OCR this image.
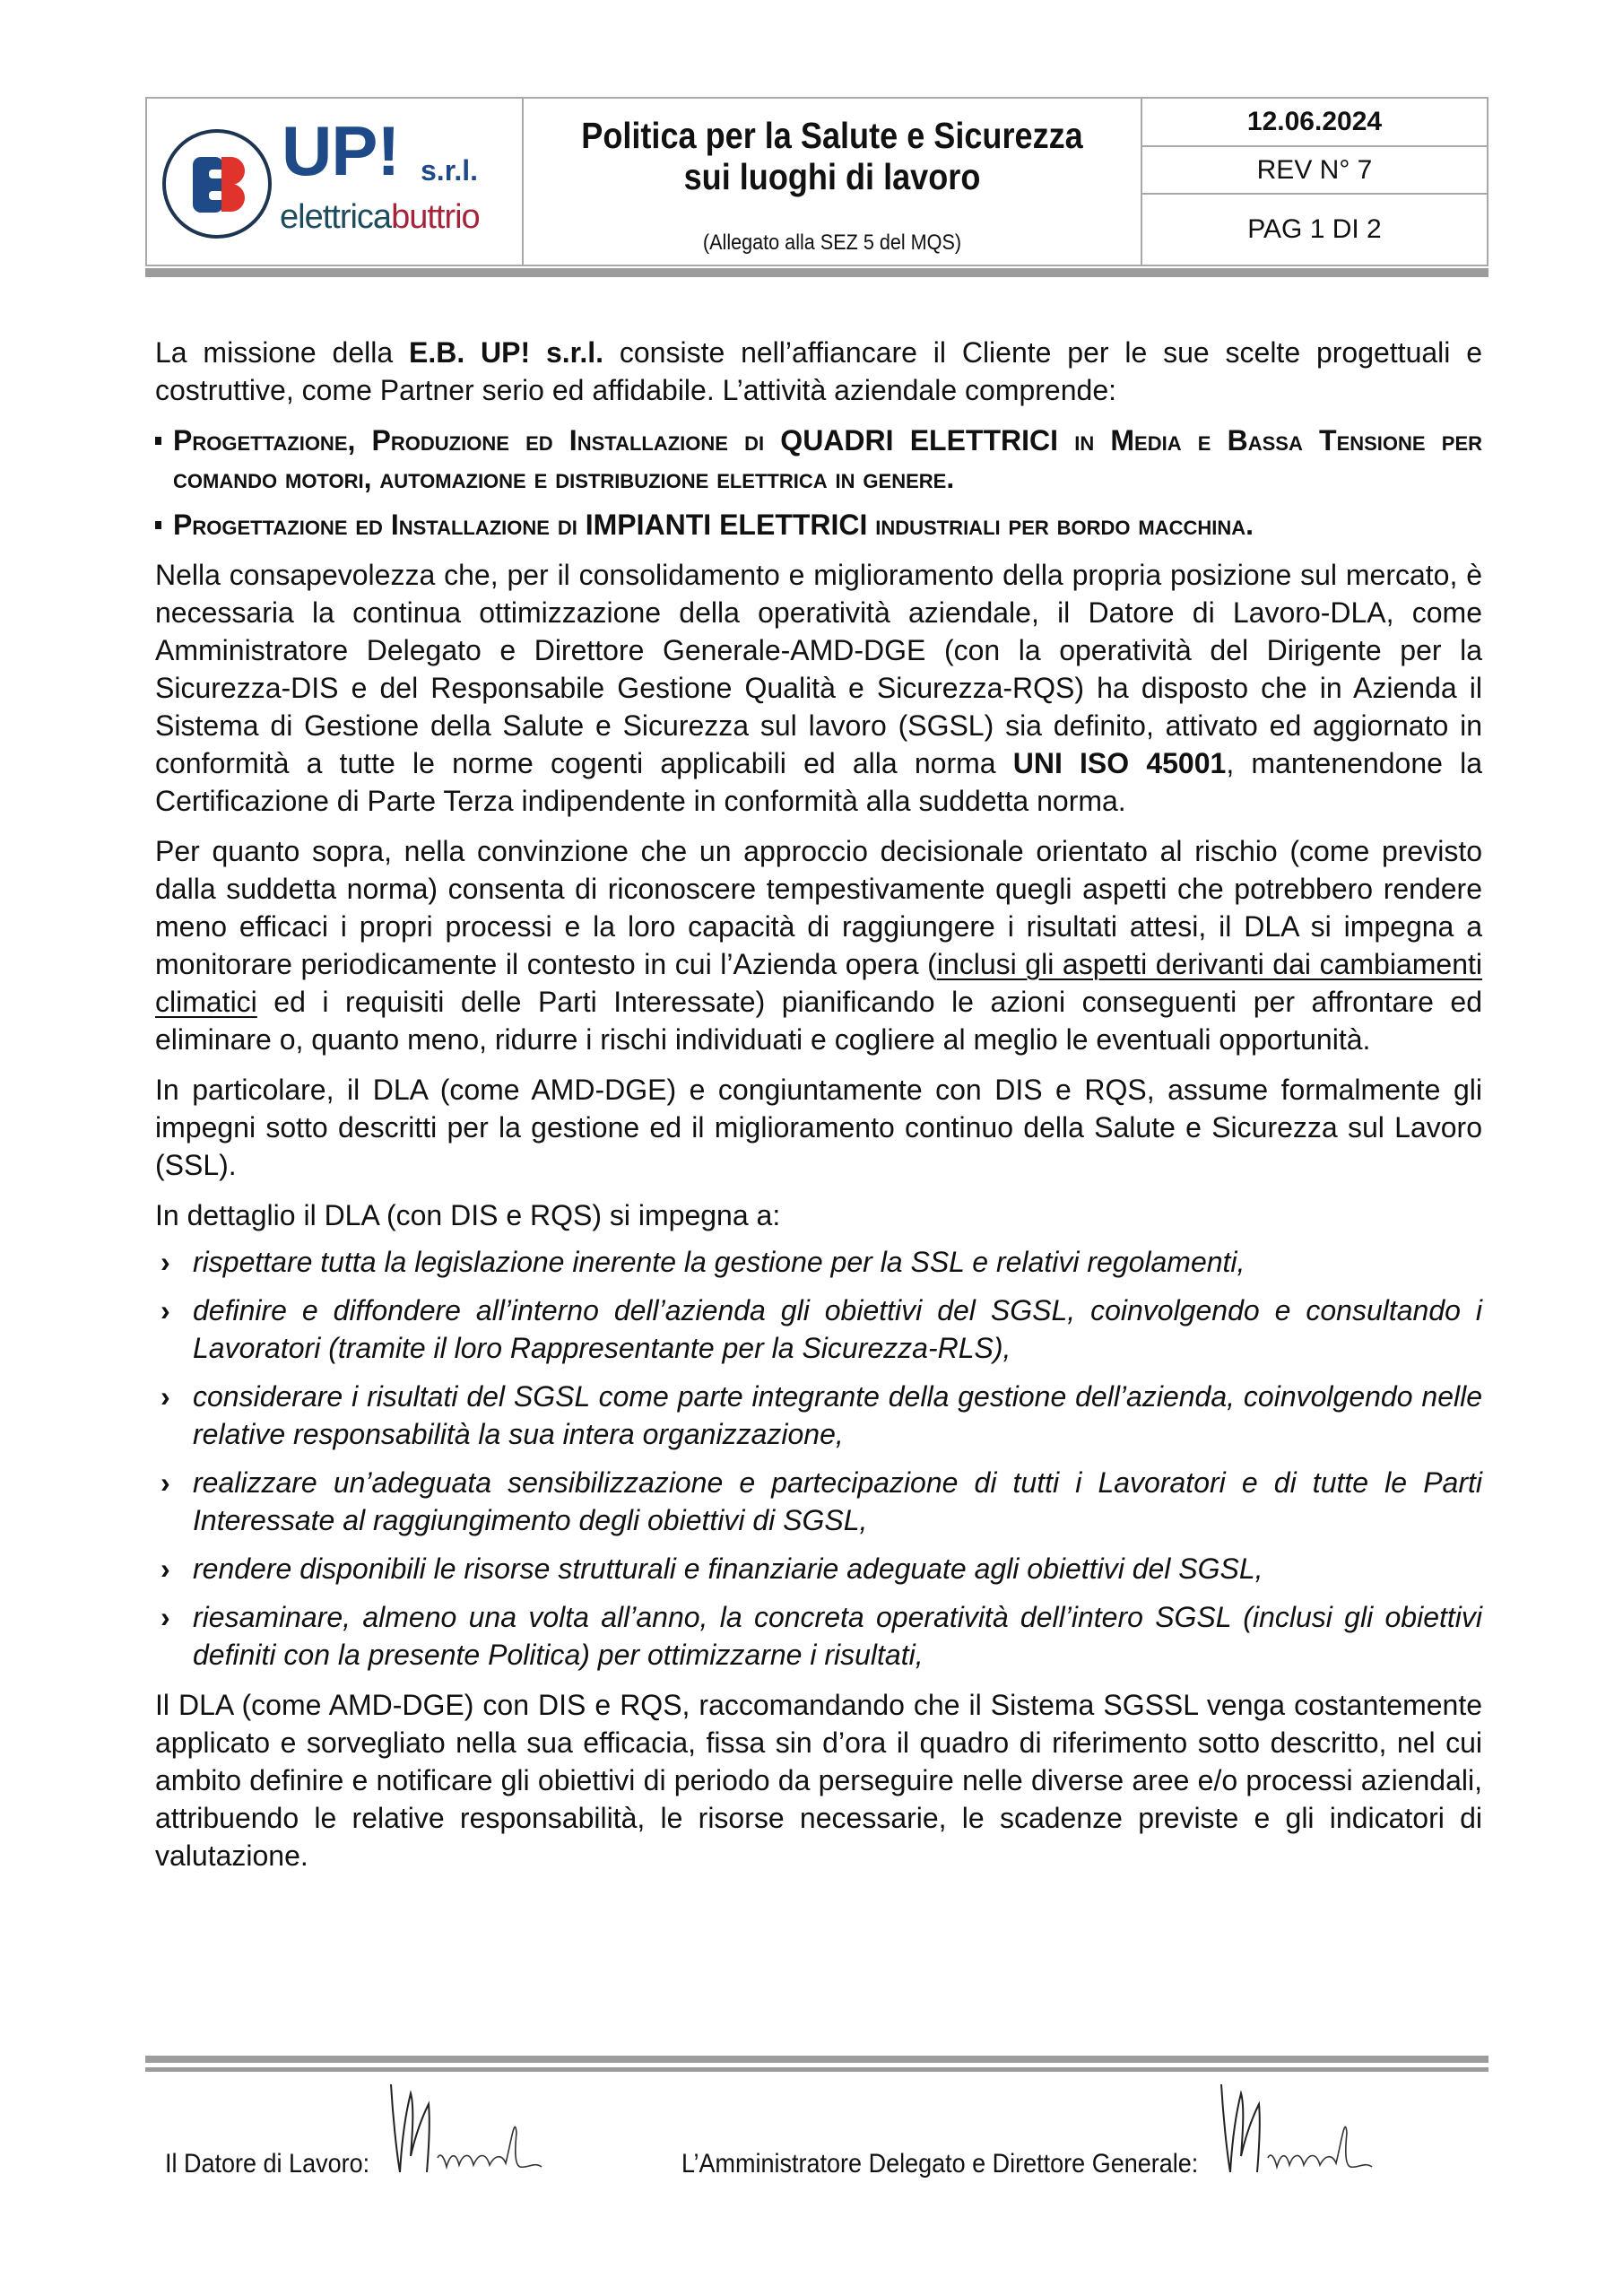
UP! s.r.l.
elettricabuttrio
Politica per la Salute e Sicurezza
sui luoghi di lavoro
(Allegato alla SEZ 5 del MQS)
12.06.2024
REV N° 7
PAG 1 DI 2

La missione della E.B. UP! s.r.l. consiste nell’affiancare il Cliente per le sue scelte progettuali e costruttive, come Partner serio ed affidabile. L’attività aziendale comprende:

Progettazione, Produzione ed Installazione di QUADRI ELETTRICI in Media e Bassa Tensione per comando motori, automazione e distribuzione elettrica in genere.
Progettazione ed Installazione di IMPIANTI ELETTRICI industriali per bordo macchina.

Nella consapevolezza che, per il consolidamento e miglioramento della propria posizione sul mercato, è necessaria la continua ottimizzazione della operatività aziendale, il Datore di Lavoro-DLA, come Amministratore Delegato e Direttore Generale-AMD-DGE (con la operatività del Dirigente per la Sicurezza-DIS e del Responsabile Gestione Qualità e Sicurezza-RQS) ha disposto che in Azienda il Sistema di Gestione della Salute e Sicurezza sul lavoro (SGSL) sia definito, attivato ed aggiornato in conformità a tutte le norme cogenti applicabili ed alla norma UNI ISO 45001, mantenendone la Certificazione di Parte Terza indipendente in conformità alla suddetta norma.

Per quanto sopra, nella convinzione che un approccio decisionale orientato al rischio (come previsto dalla suddetta norma) consenta di riconoscere tempestivamente quegli aspetti che potrebbero rendere meno efficaci i propri processi e la loro capacità di raggiungere i risultati attesi, il DLA si impegna a monitorare periodicamente il contesto in cui l’Azienda opera (inclusi gli aspetti derivanti dai cambiamenti climatici ed i requisiti delle Parti Interessate) pianificando le azioni conseguenti per affrontare ed eliminare o, quanto meno, ridurre i rischi individuati e cogliere al meglio le eventuali opportunità.

In particolare, il DLA (come AMD-DGE) e congiuntamente con DIS e RQS, assume formalmente gli impegni sotto descritti per la gestione ed il miglioramento continuo della Salute e Sicurezza sul Lavoro (SSL).

In dettaglio il DLA (con DIS e RQS) si impegna a:

› rispettare tutta la legislazione inerente la gestione per la SSL e relativi regolamenti,
› definire e diffondere all’interno dell’azienda gli obiettivi del SGSL, coinvolgendo e consultando i Lavoratori (tramite il loro Rappresentante per la Sicurezza-RLS),
› considerare i risultati del SGSL come parte integrante della gestione dell’azienda, coinvolgendo nelle relative responsabilità la sua intera organizzazione,
› realizzare un’adeguata sensibilizzazione e partecipazione di tutti i Lavoratori e di tutte le Parti Interessate al raggiungimento degli obiettivi di SGSL,
› rendere disponibili le risorse strutturali e finanziarie adeguate agli obiettivi del SGSL,
› riesaminare, almeno una volta all’anno, la concreta operatività dell’intero SGSL (inclusi gli obiettivi definiti con la presente Politica) per ottimizzarne i risultati,

Il DLA (come AMD-DGE) con DIS e RQS, raccomandando che il Sistema SGSSL venga costantemente applicato e sorvegliato nella sua efficacia, fissa sin d’ora il quadro di riferimento sotto descritto, nel cui ambito definire e notificare gli obiettivi di periodo da perseguire nelle diverse aree e/o processi aziendali, attribuendo le relative responsabilità, le risorse necessarie, le scadenze previste e gli indicatori di valutazione.

Il Datore di Lavoro:	L’Amministratore Delegato e Direttore Generale:
